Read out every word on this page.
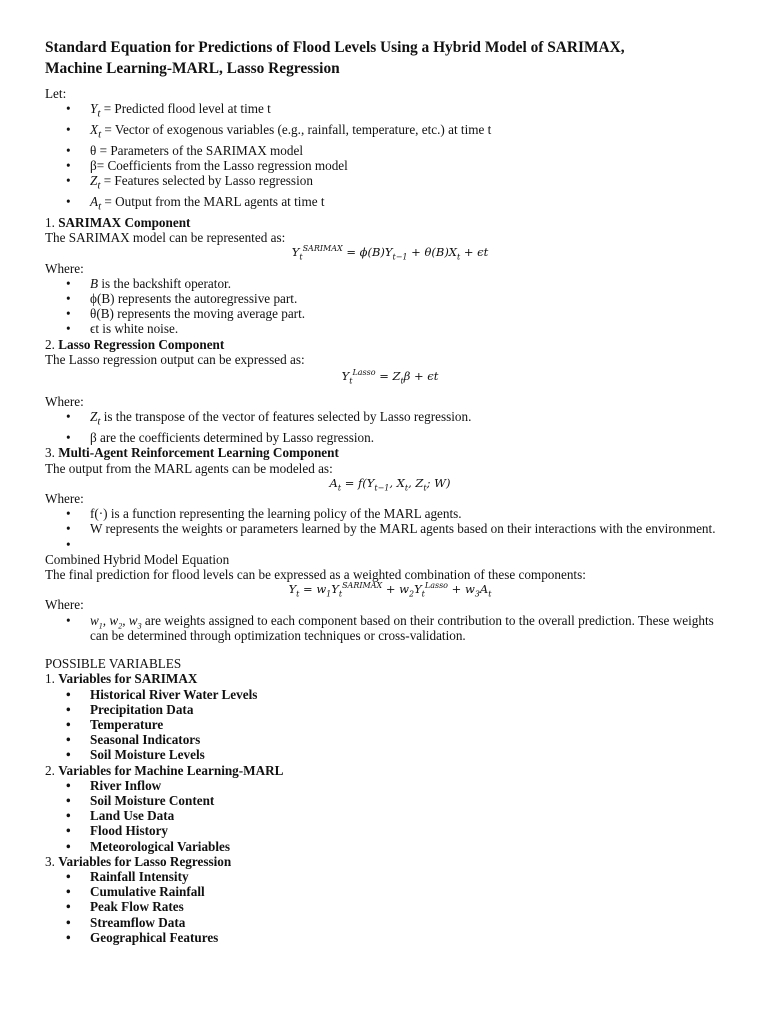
Standard Equation for Predictions of Flood Levels Using a Hybrid Model of SARIMAX,
Machine Learning-MARL, Lasso Regression

Let:

• $Y_t$ = Predicted flood level at time t
• $X_t$ = Vector of exogenous variables (e.g., rainfall, temperature, etc.) at time t
• θ = Parameters of the SARIMAX model
• β= Coefficients from the Lasso regression model
• $Z_t$ = Features selected by Lasso regression
• $A_t$ = Output from the MARL agents at time t

1. SARIMAX Component

The SARIMAX model can be represented as:

$Y_t^{SARIMAX} = \phi(B)Y_{t-1} + \theta(B)X_t + \epsilon t$

Where:

• B is the backshift operator.
• ϕ(B) represents the autoregressive part.
• θ(B) represents the moving average part.
• ϵt is white noise.

2. Lasso Regression Component

The Lasso regression output can be expressed as:

$Y_t^{Lasso} = Z_t\beta + \epsilon t$

Where:

• $Z_t$ is the transpose of the vector of features selected by Lasso regression.
• β are the coefficients determined by Lasso regression.

3. Multi-Agent Reinforcement Learning Component

The output from the MARL agents can be modeled as:

$A_t = f(Y_{t-1}$, $X_t$, $Z_t$; W)

Where:

• f(·) is a function representing the learning policy of the MARL agents.
• W represents the weights or parameters learned by the MARL agents based on their interactions with the environment.
•

Combined Hybrid Model Equation

The final prediction for flood levels can be expressed as a weighted combination of these components:

$Y_t = w_1Y_t^{SARIMAX} + w_2Y_t^{Lasso} + w_3A_t$

Where:

• $w_1$, $w_2$, $w_3$ are weights assigned to each component based on their contribution to the overall prediction. These weights can be determined through optimization techniques or cross-validation.

POSSIBLE VARIABLES

1. Variables for SARIMAX

• Historical River Water Levels
• Precipitation Data
• Temperature
• Seasonal Indicators
• Soil Moisture Levels

2. Variables for Machine Learning-MARL

• River Inflow
• Soil Moisture Content
• Land Use Data
• Flood History
• Meteorological Variables

3. Variables for Lasso Regression

• Rainfall Intensity
• Cumulative Rainfall
• Peak Flow Rates
• Streamflow Data
• Geographical Features
